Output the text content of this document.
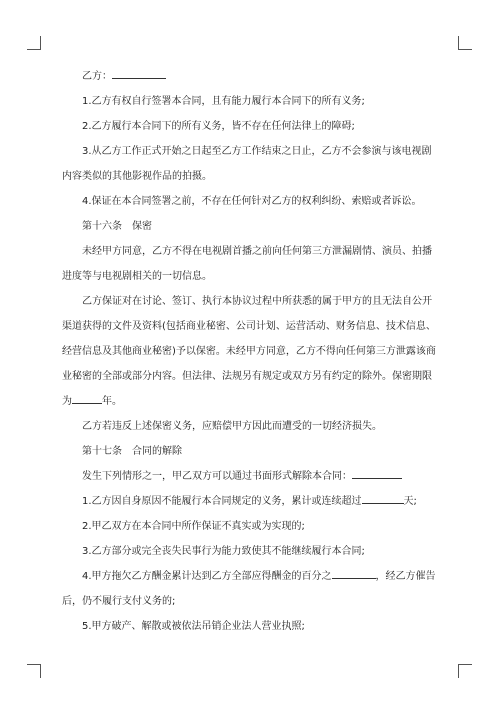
乙方：
1.乙方有权自行签署本合同，且有能力履行本合同下的所有义务;
2.乙方履行本合同下的所有义务，皆不存在任何法律上的障碍;
3.从乙方工作正式开始之日起至乙方工作结束之日止，乙方不会参演与该电视剧
内容类似的其他影视作品的拍摄。
4.保证在本合同签署之前，不存在任何针对乙方的权利纠纷、索赔或者诉讼。
第十六条　保密
未经甲方同意，乙方不得在电视剧首播之前向任何第三方泄漏剧情、演员、拍播
进度等与电视剧相关的一切信息。
乙方保证对在讨论、签订、执行本协议过程中所获悉的属于甲方的且无法自公开
渠道获得的文件及资料(包括商业秘密、公司计划、运营活动、财务信息、技术信息、
经营信息及其他商业秘密)予以保密。未经甲方同意，乙方不得向任何第三方泄露该商
业秘密的全部或部分内容。但法律、法规另有规定或双方另有约定的除外。保密期限
为	年。
乙方若违反上述保密义务，应赔偿甲方因此而遭受的一切经济损失。
第十七条　合同的解除
发生下列情形之一，甲乙双方可以通过书面形式解除本合同：
1.乙方因自身原因不能履行本合同规定的义务，累计或连续超过	天;
2.甲乙双方在本合同中所作保证不真实或为实现的;
3.乙方部分或完全丧失民事行为能力致使其不能继续履行本合同;
4.甲方拖欠乙方酬金累计达到乙方全部应得酬金的百分之	，经乙方催告
后，仍不履行支付义务的;
5.甲方破产、解散或被依法吊销企业法人营业执照;
